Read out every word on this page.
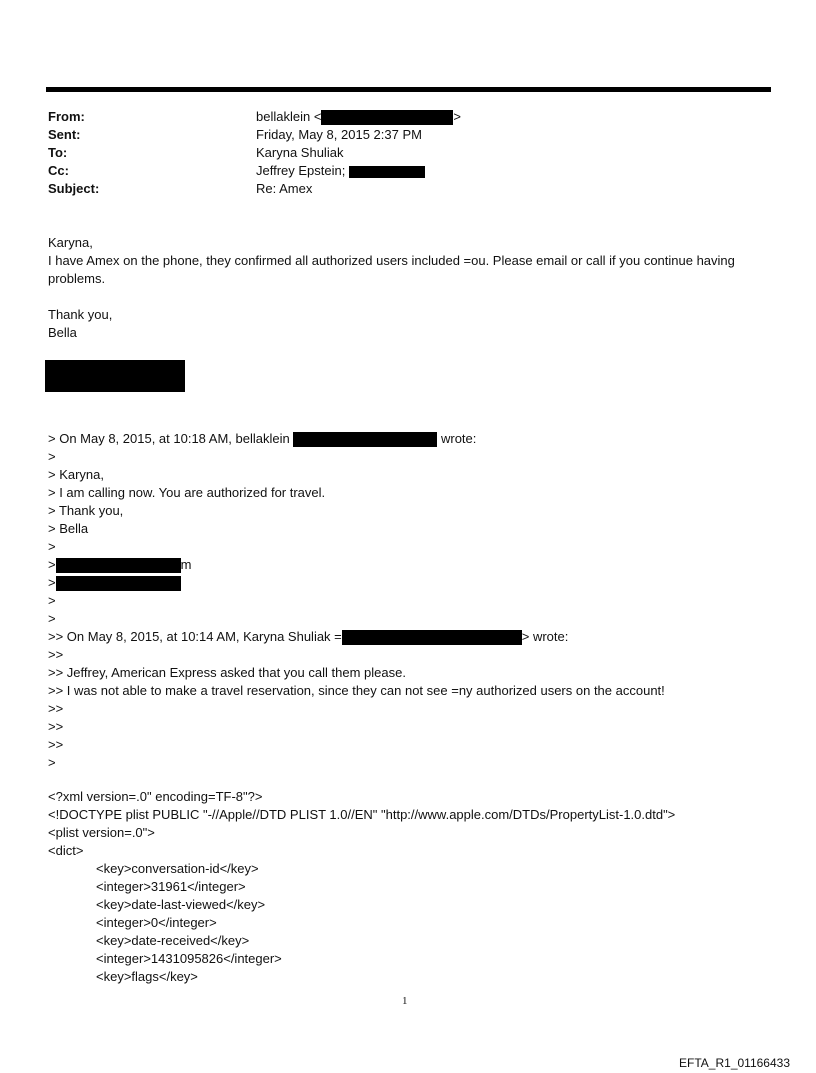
From:	bellaklein <	>
Sent:	Friday, May 8, 2015 2:37 PM
To:	Karyna Shuliak
Cc:	Jeffrey Epstein;
Subject:	Re: Amex
Karyna,
I have Amex on the phone, they confirmed all authorized users included =ou. Please email or call if you continue having
problems.
Thank you,
Bella
> On May 8, 2015, at 10:18 AM, bellaklein	wrote:
>
> Karyna,
> I am calling now. You are authorized for travel.
> Thank you,
> Bella
>
>	m
>
>
>
>> On May 8, 2015, at 10:14 AM, Karyna Shuliak =	> wrote:
>>
>> Jeffrey, American Express asked that you call them please.
>> I was not able to make a travel reservation, since they can not see =ny authorized users on the account!
>>
>>
>>
>
<?xml version=.0" encoding=TF-8"?>
<!DOCTYPE plist PUBLIC "-//Apple//DTD PLIST 1.0//EN" "http://www.apple.com/DTDs/PropertyList-1.0.dtd">
<plist version=.0">
<dict>
<key>conversation-id</key>
<integer>31961</integer>
<key>date-last-viewed</key>
<integer>0</integer>
<key>date-received</key>
<integer>1431095826</integer>
<key>flags</key>
1
EFTA_R1_01166433
